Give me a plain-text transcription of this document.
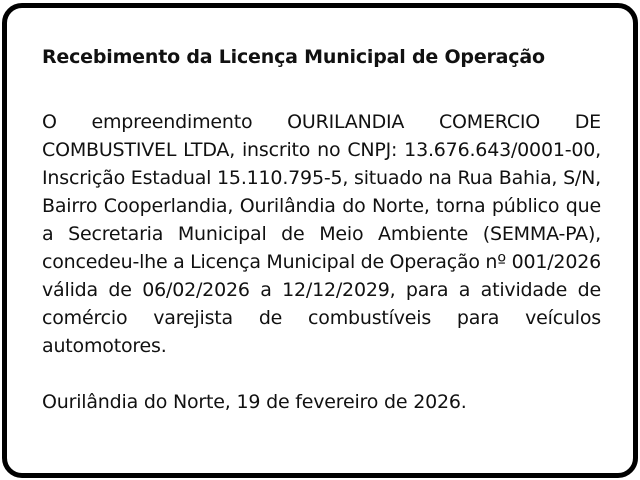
Recebimento da Licença Municipal de Operação

O empreendimento OURILANDIA COMERCIO DE COMBUSTIVEL LTDA, inscrito no CNPJ: 13.676.643/0001-00, Inscrição Estadual 15.110.795-5, situado na Rua Bahia, S/N, Bairro Cooperlandia, Ourilândia do Norte, torna público que a Secretaria Municipal de Meio Ambiente (SEMMA-PA), concedeu-lhe a Licença Municipal de Operação nº 001/2026 válida de 06/02/2026 a 12/12/2029, para a atividade de comércio varejista de combustíveis para veículos automotores.

Ourilândia do Norte, 19 de fevereiro de 2026.
